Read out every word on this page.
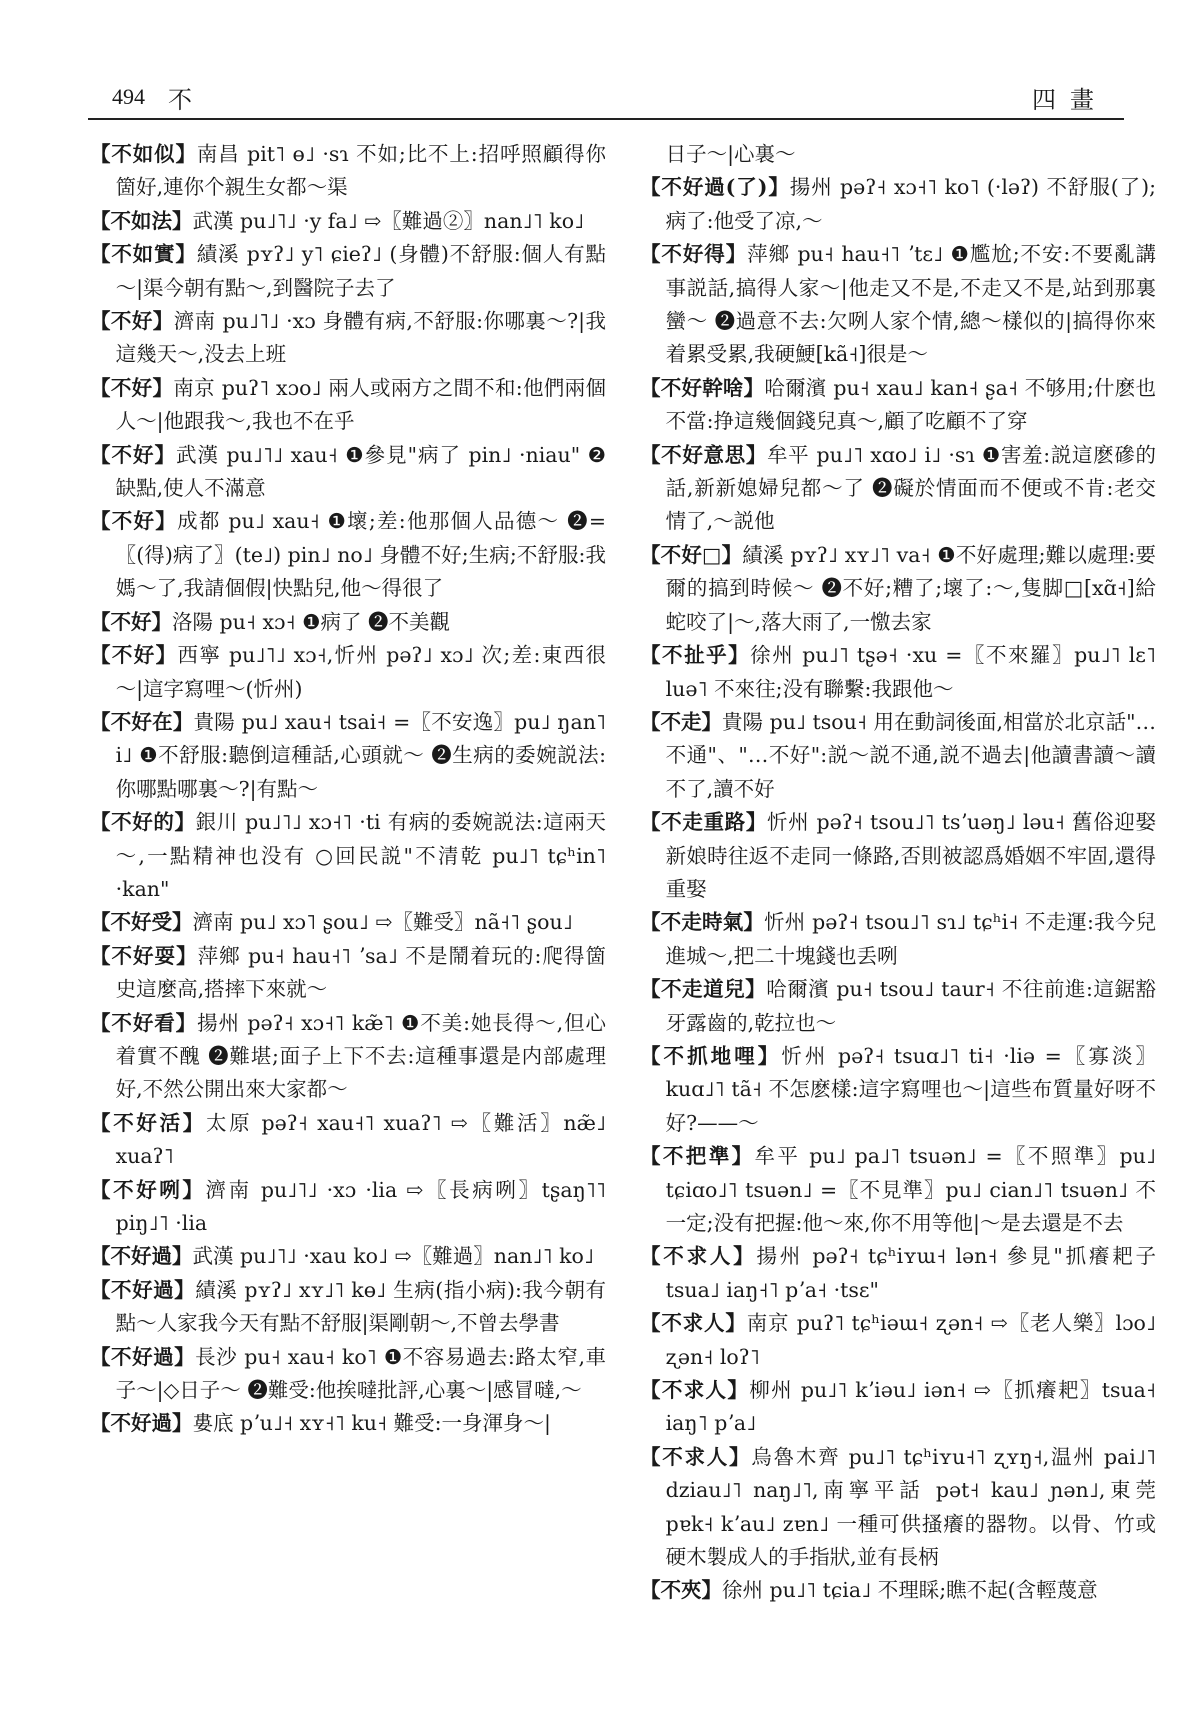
494 不	四畫
【不如似】南昌 pit˥ ɵ˩ ·sɿ 不如;比不上:招呼照顧得你箇好,連你个親生女都～渠
【不如法】武漢 pu˩˥˩ ·y fa˩ ⇨〖難過②〗nan˩˥ ko˩
【不如實】績溪 pʏʔ˩ y˥ ɕieʔ˩ (身體)不舒服:個人有點～|渠今朝有點～,到醫院子去了
【不好】濟南 pu˩˥˩ ·xɔ 身體有病,不舒服:你哪裏～?|我這幾天～,没去上班
【不好】南京 puʔ˥ xɔo˩ 兩人或兩方之間不和:他們兩個人～|他跟我～,我也不在乎
【不好】武漢 pu˩˥˩ xau˧ ❶參見"病了 pin˩ ·niau" ❷缺點,使人不滿意
【不好】成都 pu˩ xau˧ ❶壞;差:他那個人品德～ ❷=〖(得)病了〗(te˩) pin˩ no˩ 身體不好;生病;不舒服:我媽～了,我請個假|快點兒,他～得很了
【不好】洛陽 pu˧ xɔ˧ ❶病了 ❷不美觀
【不好】西寧 pu˩˥˩ xɔ˧,忻州 pəʔ˩ xɔ˩ 次;差:東西很～|這字寫哩～(忻州)
【不好在】貴陽 pu˩ xau˧ tsai˧ =〖不安逸〗pu˩ ŋan˥ i˩ ❶不舒服:聽倒這種話,心頭就～ ❷生病的委婉説法:你哪點哪裏～?|有點～
【不好的】銀川 pu˩˥˩ xɔ˧˥ ·ti 有病的委婉説法:這兩天～,一點精神也没有 ○回民説"不清乾 pu˩˥ tɕʰin˥ ·kan"
【不好受】濟南 pu˩ xɔ˥ ʂou˩ ⇨〖難受〗nã˧˥ ʂou˩
【不好耍】萍鄉 pu˧ hau˧˥ ʼsa˩ 不是鬧着玩的:爬得箇史這麼高,搭摔下來就～
【不好看】揚州 pəʔ˧ xɔ˧˥ kæ̃˥ ❶不美:她長得～,但心着實不醜 ❷難堪;面子上下不去:這種事還是内部處理好,不然公開出來大家都～
【不好活】太原 pəʔ˧ xau˧˥ xuaʔ˥ ⇨〖難活〗næ̃˩ xuaʔ˥
【不好咧】濟南 pu˩˥˩ ·xɔ ·lia ⇨〖長病咧〗tʂaŋ˥˥ piŋ˩˥ ·lia
【不好過】武漢 pu˩˥˩ ·xau ko˩ ⇨〖難過〗nan˩˥ ko˩
【不好過】績溪 pʏʔ˩ xʏ˩˥ kɵ˩ 生病(指小病):我今朝有點～人家我今天有點不舒服|渠剛朝～,不曾去學書
【不好過】長沙 pu˧ xau˧ ko˥ ❶不容易過去:路太窄,車子～|◇日子～ ❷難受:他挨噠批評,心裏～|感冒噠,～
【不好過】婁底 pʼu˩˧ xʏ˧˥ ku˧ 難受:一身渾身～|
日子～|心裏～
【不好過(了)】揚州 pəʔ˧ xɔ˧˥ ko˥ (·ləʔ) 不舒服(了);病了:他受了凉,～
【不好得】萍鄉 pu˧ hau˧˥ ʼtɛ˩ ❶尷尬;不安:不要亂講事説話,搞得人家～|他走又不是,不走又不是,站到那裏蠻～ ❷過意不去:欠咧人家个情,總～樣似的|搞得你來着累受累,我硬鯁[kã˧]很是～
【不好幹啥】哈爾濱 pu˧ xau˩ kan˧ ʂa˧ 不够用;什麽也不當:挣這幾個錢兒真～,顧了吃顧不了穿
【不好意思】牟平 pu˩˥ xɑo˩ i˩ ·sɿ ❶害羞:説這麽磣的話,新新媳婦兒都～了 ❷礙於情面而不便或不肯:老交情了,～説他
【不好□】績溪 pʏʔ˩ xʏ˩˥ va˧ ❶不好處理;難以處理:要爾的搞到時候～ ❷不好;糟了;壞了:～,隻脚□[xɑ̃˧]給蛇咬了|～,落大雨了,一憿去家
【不扯乎】徐州 pu˩˥ tʂə˧ ·xu =〖不來羅〗pu˩˥ lɛ˥ luə˥ 不來往;没有聯繫:我跟他～
【不走】貴陽 pu˩ tsou˧ 用在動詞後面,相當於北京話"…不通"、"…不好":説～説不通,説不過去|他讀書讀～讀不了,讀不好
【不走重路】忻州 pəʔ˧ tsou˩˥ tsʼuəŋ˩ ləu˧ 舊俗迎娶新娘時往返不走同一條路,否則被認爲婚姻不牢固,還得重娶
【不走時氣】忻州 pəʔ˧ tsou˩˥ sɿ˩ tɕʰi˧ 不走運:我今兒進城～,把二十塊錢也丢咧
【不走道兒】哈爾濱 pu˧ tsou˩ taur˧ 不往前進:這鋸豁牙露齒的,乾拉也～
【不抓地哩】忻州 pəʔ˧ tsuɑ˩˥ ti˧ ·liə =〖寡淡〗kuɑ˩˥ tã˧ 不怎麽樣:這字寫哩也～|這些布質量好呀不好?——～
【不把準】牟平 pu˩ pa˩˥ tsuən˩ =〖不照準〗pu˩ tɕiɑo˩˥ tsuən˩ =〖不見準〗pu˩ cian˩˥ tsuən˩ 不一定;没有把握:他～來,你不用等他|～是去還是不去
【不求人】揚州 pəʔ˧ tɕʰiʏɯ˧ lən˧ 參見"抓癢耙子 tsua˩ iaŋ˧˥ pʼa˧ ·tsɛ"
【不求人】南京 puʔ˥ tɕʰiəɯ˧ ʐən˧ ⇨〖老人樂〗lɔo˩ ʐən˧ loʔ˥
【不求人】柳州 pu˩˥ kʼiəu˩ iən˧ ⇨〖抓癢耙〗tsua˧ iaŋ˥ pʼa˩
【不求人】烏魯木齊 pu˩˥ tɕʰiʏu˧˥ ʐʏŋ˧,温州 pai˩˥ dziau˩˥ naŋ˩˥,南寧平話 pət˧ kau˩ ɲən˩,東莞 pɐk˧ kʼau˩ zɐn˩ 一種可供搔癢的器物。以骨、竹或硬木製成人的手指狀,並有長柄
【不夾】徐州 pu˩˥ tɕia˩ 不理睬;瞧不起(含輕蔑意
